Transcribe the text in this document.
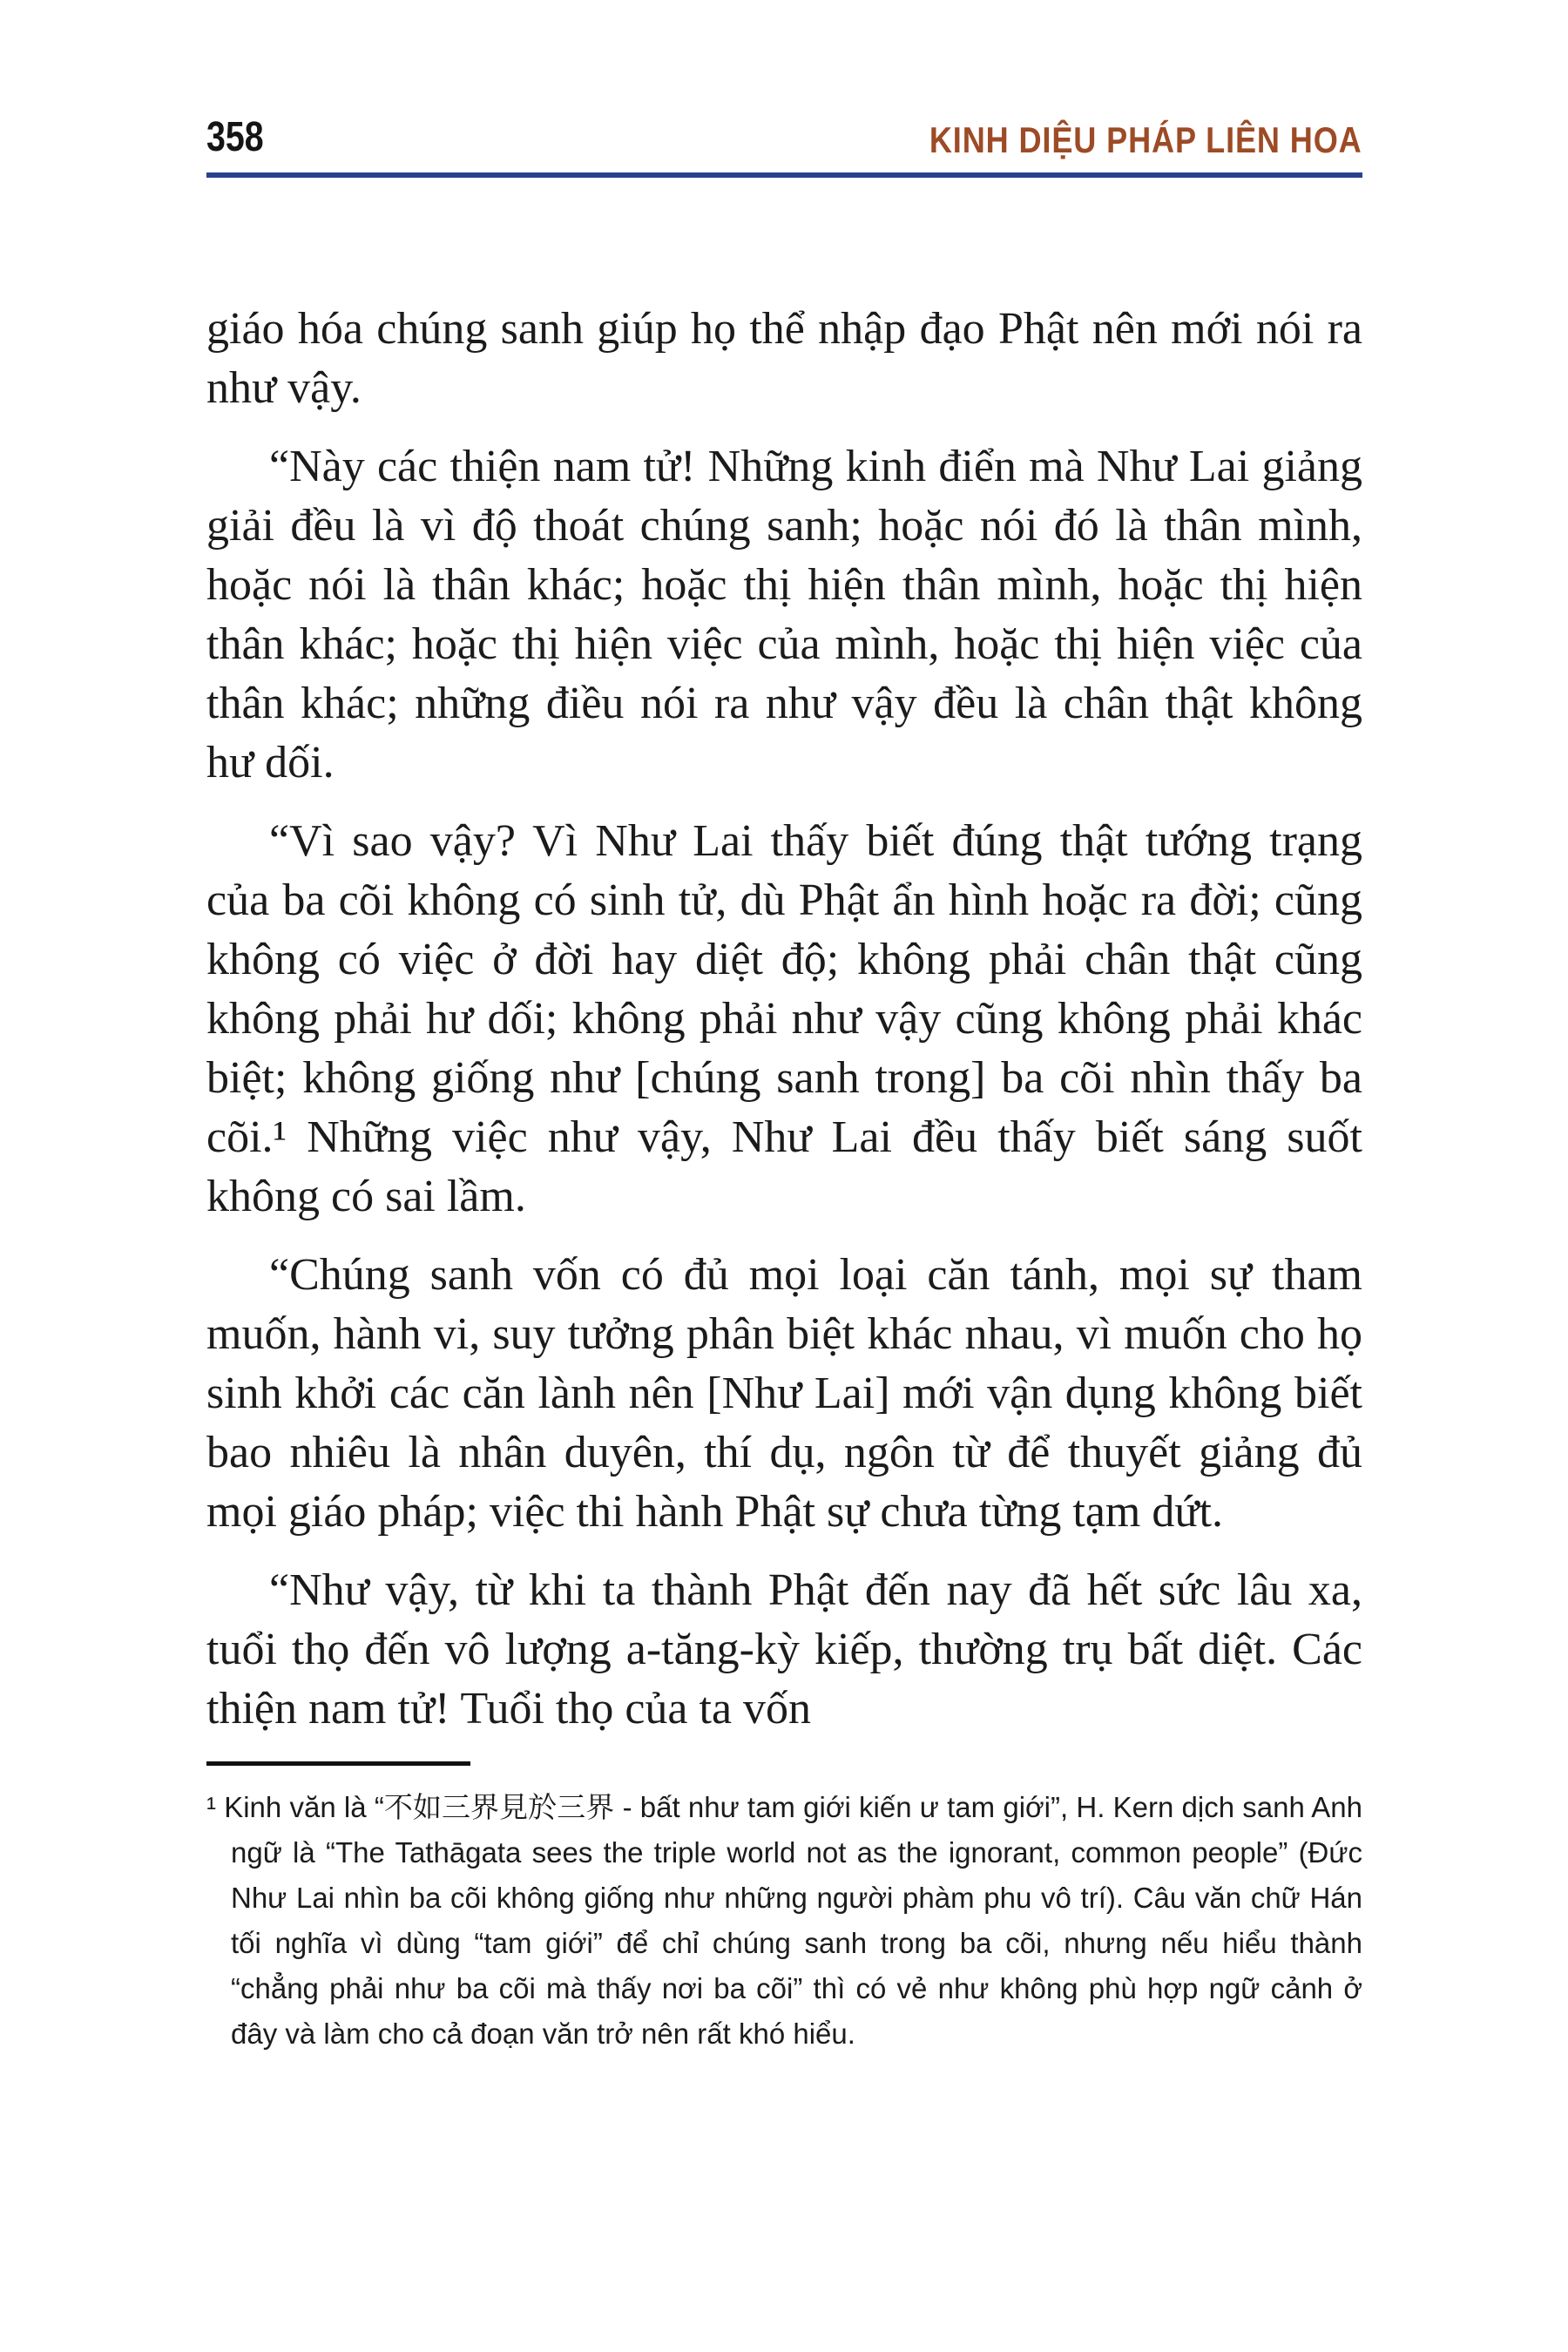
358	KINH DIỆU PHÁP LIÊN HOA

giáo hóa chúng sanh giúp họ thể nhập đạo Phật nên mới nói ra như vậy.

“Này các thiện nam tử! Những kinh điển mà Như Lai giảng giải đều là vì độ thoát chúng sanh; hoặc nói đó là thân mình, hoặc nói là thân khác; hoặc thị hiện thân mình, hoặc thị hiện thân khác; hoặc thị hiện việc của mình, hoặc thị hiện việc của thân khác; những điều nói ra như vậy đều là chân thật không hư dối.

“Vì sao vậy? Vì Như Lai thấy biết đúng thật tướng trạng của ba cõi không có sinh tử, dù Phật ẩn hình hoặc ra đời; cũng không có việc ở đời hay diệt độ; không phải chân thật cũng không phải hư dối; không phải như vậy cũng không phải khác biệt; không giống như [chúng sanh trong] ba cõi nhìn thấy ba cõi.¹ Những việc như vậy, Như Lai đều thấy biết sáng suốt không có sai lầm.

“Chúng sanh vốn có đủ mọi loại căn tánh, mọi sự tham muốn, hành vi, suy tưởng phân biệt khác nhau, vì muốn cho họ sinh khởi các căn lành nên [Như Lai] mới vận dụng không biết bao nhiêu là nhân duyên, thí dụ, ngôn từ để thuyết giảng đủ mọi giáo pháp; việc thi hành Phật sự chưa từng tạm dứt.

“Như vậy, từ khi ta thành Phật đến nay đã hết sức lâu xa, tuổi thọ đến vô lượng a-tăng-kỳ kiếp, thường trụ bất diệt. Các thiện nam tử! Tuổi thọ của ta vốn

¹ Kinh văn là “不如三界見於三界 - bất như tam giới kiến ư tam giới”, H. Kern dịch sanh Anh ngữ là “The Tathāgata sees the triple world not as the ignorant, common people” (Đức Như Lai nhìn ba cõi không giống như những người phàm phu vô trí). Câu văn chữ Hán tối nghĩa vì dùng “tam giới” để chỉ chúng sanh trong ba cõi, nhưng nếu hiểu thành “chẳng phải như ba cõi mà thấy nơi ba cõi” thì có vẻ như không phù hợp ngữ cảnh ở đây và làm cho cả đoạn văn trở nên rất khó hiểu.
